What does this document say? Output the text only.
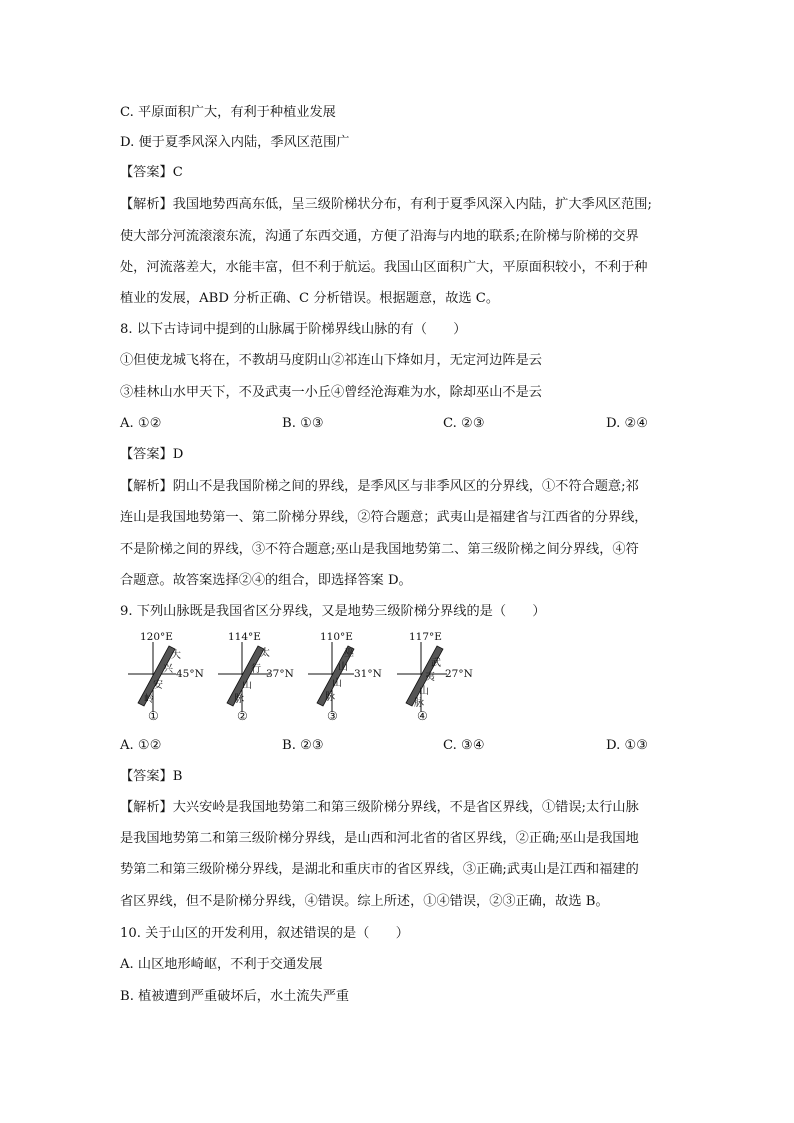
C. 平原面积广大，有利于种植业发展
D. 便于夏季风深入内陆，季风区范围广
【答案】C
【解析】我国地势西高东低，呈三级阶梯状分布，有利于夏季风深入内陆，扩大季风区范围;
使大部分河流滚滚东流，沟通了东西交通，方便了沿海与内地的联系;在阶梯与阶梯的交界
处，河流落差大，水能丰富，但不利于航运。我国山区面积广大，平原面积较小，不利于种
植业的发展，ABD 分析正确、C 分析错误。根据题意，故选 C。
8. 以下古诗词中提到的山脉属于阶梯界线山脉的有（　　）
①但使龙城飞将在，不教胡马度阴山②祁连山下烽如月，无定河边阵是云
③桂林山水甲天下，不及武夷一小丘④曾经沧海难为水，除却巫山不是云
A. ①②	B. ①③	C. ②③	D. ②④
【答案】D
【解析】阴山不是我国阶梯之间的界线，是季风区与非季风区的分界线，①不符合题意;祁
连山是我国地势第一、第二阶梯分界线，②符合题意；武夷山是福建省与江西省的分界线，
不是阶梯之间的界线，③不符合题意;巫山是我国地势第二、第三级阶梯之间分界线，④符
合题意。故答案选择②④的组合，即选择答案 D。
9. 下列山脉既是我国省区分界线，又是地势三级阶梯分界线的是（　　）
120°E
45°N
大
兴
安
岭
①
114°E
37°N
太
行
山
脉
②
110°E
31°N
巫
山
山
脉
③
117°E
27°N
武
夷
山
脉
④
A. ①②	B. ②③	C. ③④	D. ①③
【答案】B
【解析】大兴安岭是我国地势第二和第三级阶梯分界线，不是省区界线，①错误;太行山脉
是我国地势第二和第三级阶梯分界线，是山西和河北省的省区界线，②正确;巫山是我国地
势第二和第三级阶梯分界线，是湖北和重庆市的省区界线，③正确;武夷山是江西和福建的
省区界线，但不是阶梯分界线，④错误。综上所述，①④错误，②③正确，故选 B。
10. 关于山区的开发利用，叙述错误的是（　　）
A. 山区地形崎岖，不利于交通发展
B. 植被遭到严重破坏后，水土流失严重
